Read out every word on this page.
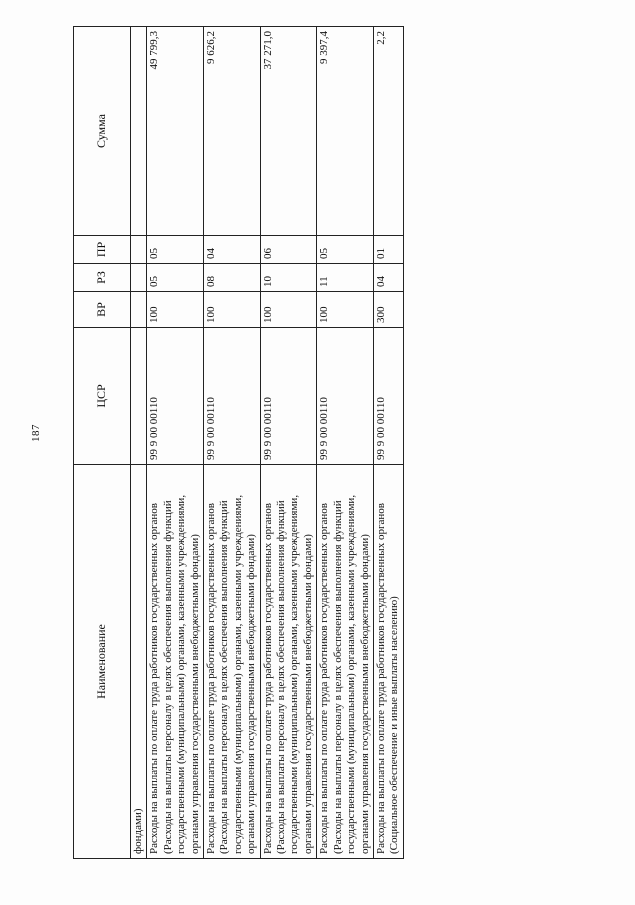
187
Наименование	ЦСР	ВР	РЗ	ПР	Сумма
фондами)					
Расходы на выплаты по оплате труда работников государственных органов (Расходы на выплаты персоналу в целях обеспечения выполнения функций государственными (муниципальными) органами, казенными учреждениями, органами управления государственными внебюджетными фондами)	99 9 00 00110	100	05	05	49 799,3
Расходы на выплаты по оплате труда работников государственных органов (Расходы на выплаты персоналу в целях обеспечения выполнения функций государственными (муниципальными) органами, казенными учреждениями, органами управления государственными внебюджетными фондами)	99 9 00 00110	100	08	04	9 626,2
Расходы на выплаты по оплате труда работников государственных органов (Расходы на выплаты персоналу в целях обеспечения выполнения функций государственными (муниципальными) органами, казенными учреждениями, органами управления государственными внебюджетными фондами)	99 9 00 00110	100	10	06	37 271,0
Расходы на выплаты по оплате труда работников государственных органов (Расходы на выплаты персоналу в целях обеспечения выполнения функций государственными (муниципальными) органами, казенными учреждениями, органами управления государственными внебюджетными фондами)	99 9 00 00110	100	11	05	9 397,4
Расходы на выплаты по оплате труда работников государственных органов (Социальное обеспечение и иные выплаты населению)	99 9 00 00110	300	04	01	2,2
